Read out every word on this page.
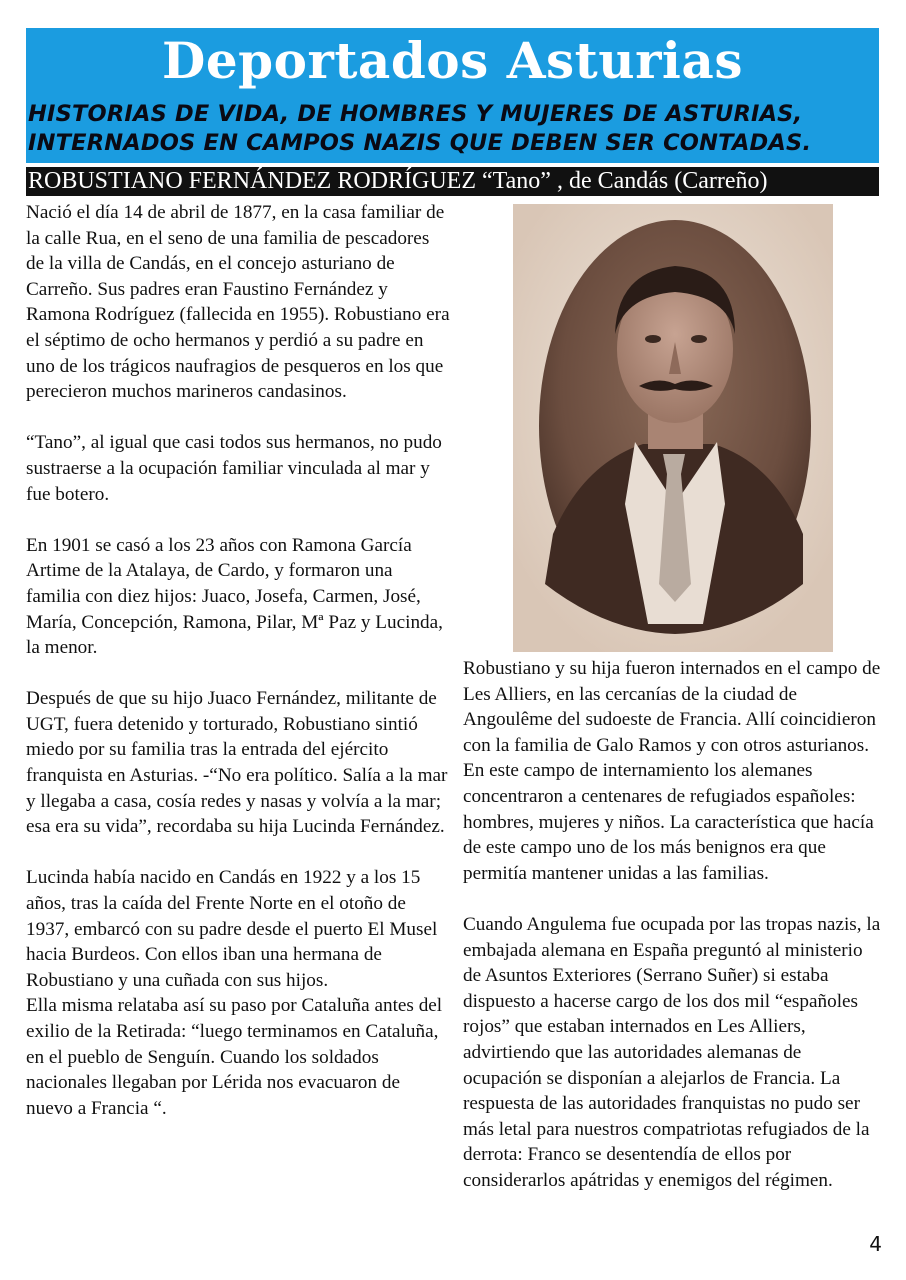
Deportados Asturias
HISTORIAS DE VIDA, DE HOMBRES Y MUJERES DE ASTURIAS,
INTERNADOS EN CAMPOS NAZIS QUE DEBEN SER CONTADAS.
ROBUSTIANO FERNÁNDEZ RODRÍGUEZ “Tano” , de Candás (Carreño)

Nació el día 14 de abril de 1877, en la casa familiar de la calle Rua, en el seno de una familia de pescadores de la villa de Candás, en el concejo asturiano de Carreño. Sus padres eran Faustino Fernández y Ramona Rodríguez (fallecida en 1955). Robustiano era el séptimo de ocho hermanos y perdió a su padre en uno de los trágicos naufragios de pesqueros en los que perecieron muchos marineros candasinos.

“Tano”, al igual que casi todos sus hermanos, no pudo sustraerse a la ocupación familiar vinculada al mar y fue botero.

En 1901 se casó a los 23 años con Ramona García Artime de la Atalaya, de Cardo, y formaron una familia con diez hijos: Juaco, Josefa, Carmen, José, María, Concepción, Ramona, Pilar, Mª Paz y Lucinda, la menor.

Después de que su hijo Juaco Fernández, militante de UGT, fuera detenido y torturado, Robustiano sintió miedo por su familia tras la entrada del ejército franquista en Asturias. -“No era político. Salía a la mar y llegaba a casa, cosía redes y nasas y volvía a la mar; esa era su vida”, recordaba su hija Lucinda Fernández.

Lucinda había nacido en Candás en 1922 y a los 15 años, tras la caída del Frente Norte en el otoño de 1937, embarcó con su padre desde el puerto El Musel hacia Burdeos. Con ellos iban una hermana de Robustiano y una cuñada con sus hijos.

Ella misma relataba así su paso por Cataluña antes del exilio de la Retirada: “luego terminamos en Cataluña, en el pueblo de Senguín. Cuando los soldados nacionales llegaban por Lérida nos evacuaron de nuevo a Francia “.

Robustiano y su hija fueron internados en el campo de Les Alliers, en las cercanías de la ciudad de Angoulême del sudoeste de Francia. Allí coincidieron con la familia de Galo Ramos y con otros asturianos. En este campo de internamiento los alemanes concentraron a centenares de refugiados españoles: hombres, mujeres y niños. La característica que hacía de este campo uno de los más benignos era que permitía mantener unidas a las familias.

Cuando Angulema fue ocupada por las tropas nazis, la embajada alemana en España preguntó al ministerio de Asuntos Exteriores (Serrano Suñer) si estaba dispuesto a hacerse cargo de los dos mil “españoles rojos” que estaban internados en Les Alliers, advirtiendo que las autoridades alemanas de ocupación se disponían a alejarlos de Francia. La respuesta de las autoridades franquistas no pudo ser más letal para nuestros compatriotas refugiados de la derrota: Franco se desentendía de ellos por considerarlos apátridas y enemigos del régimen.

4
